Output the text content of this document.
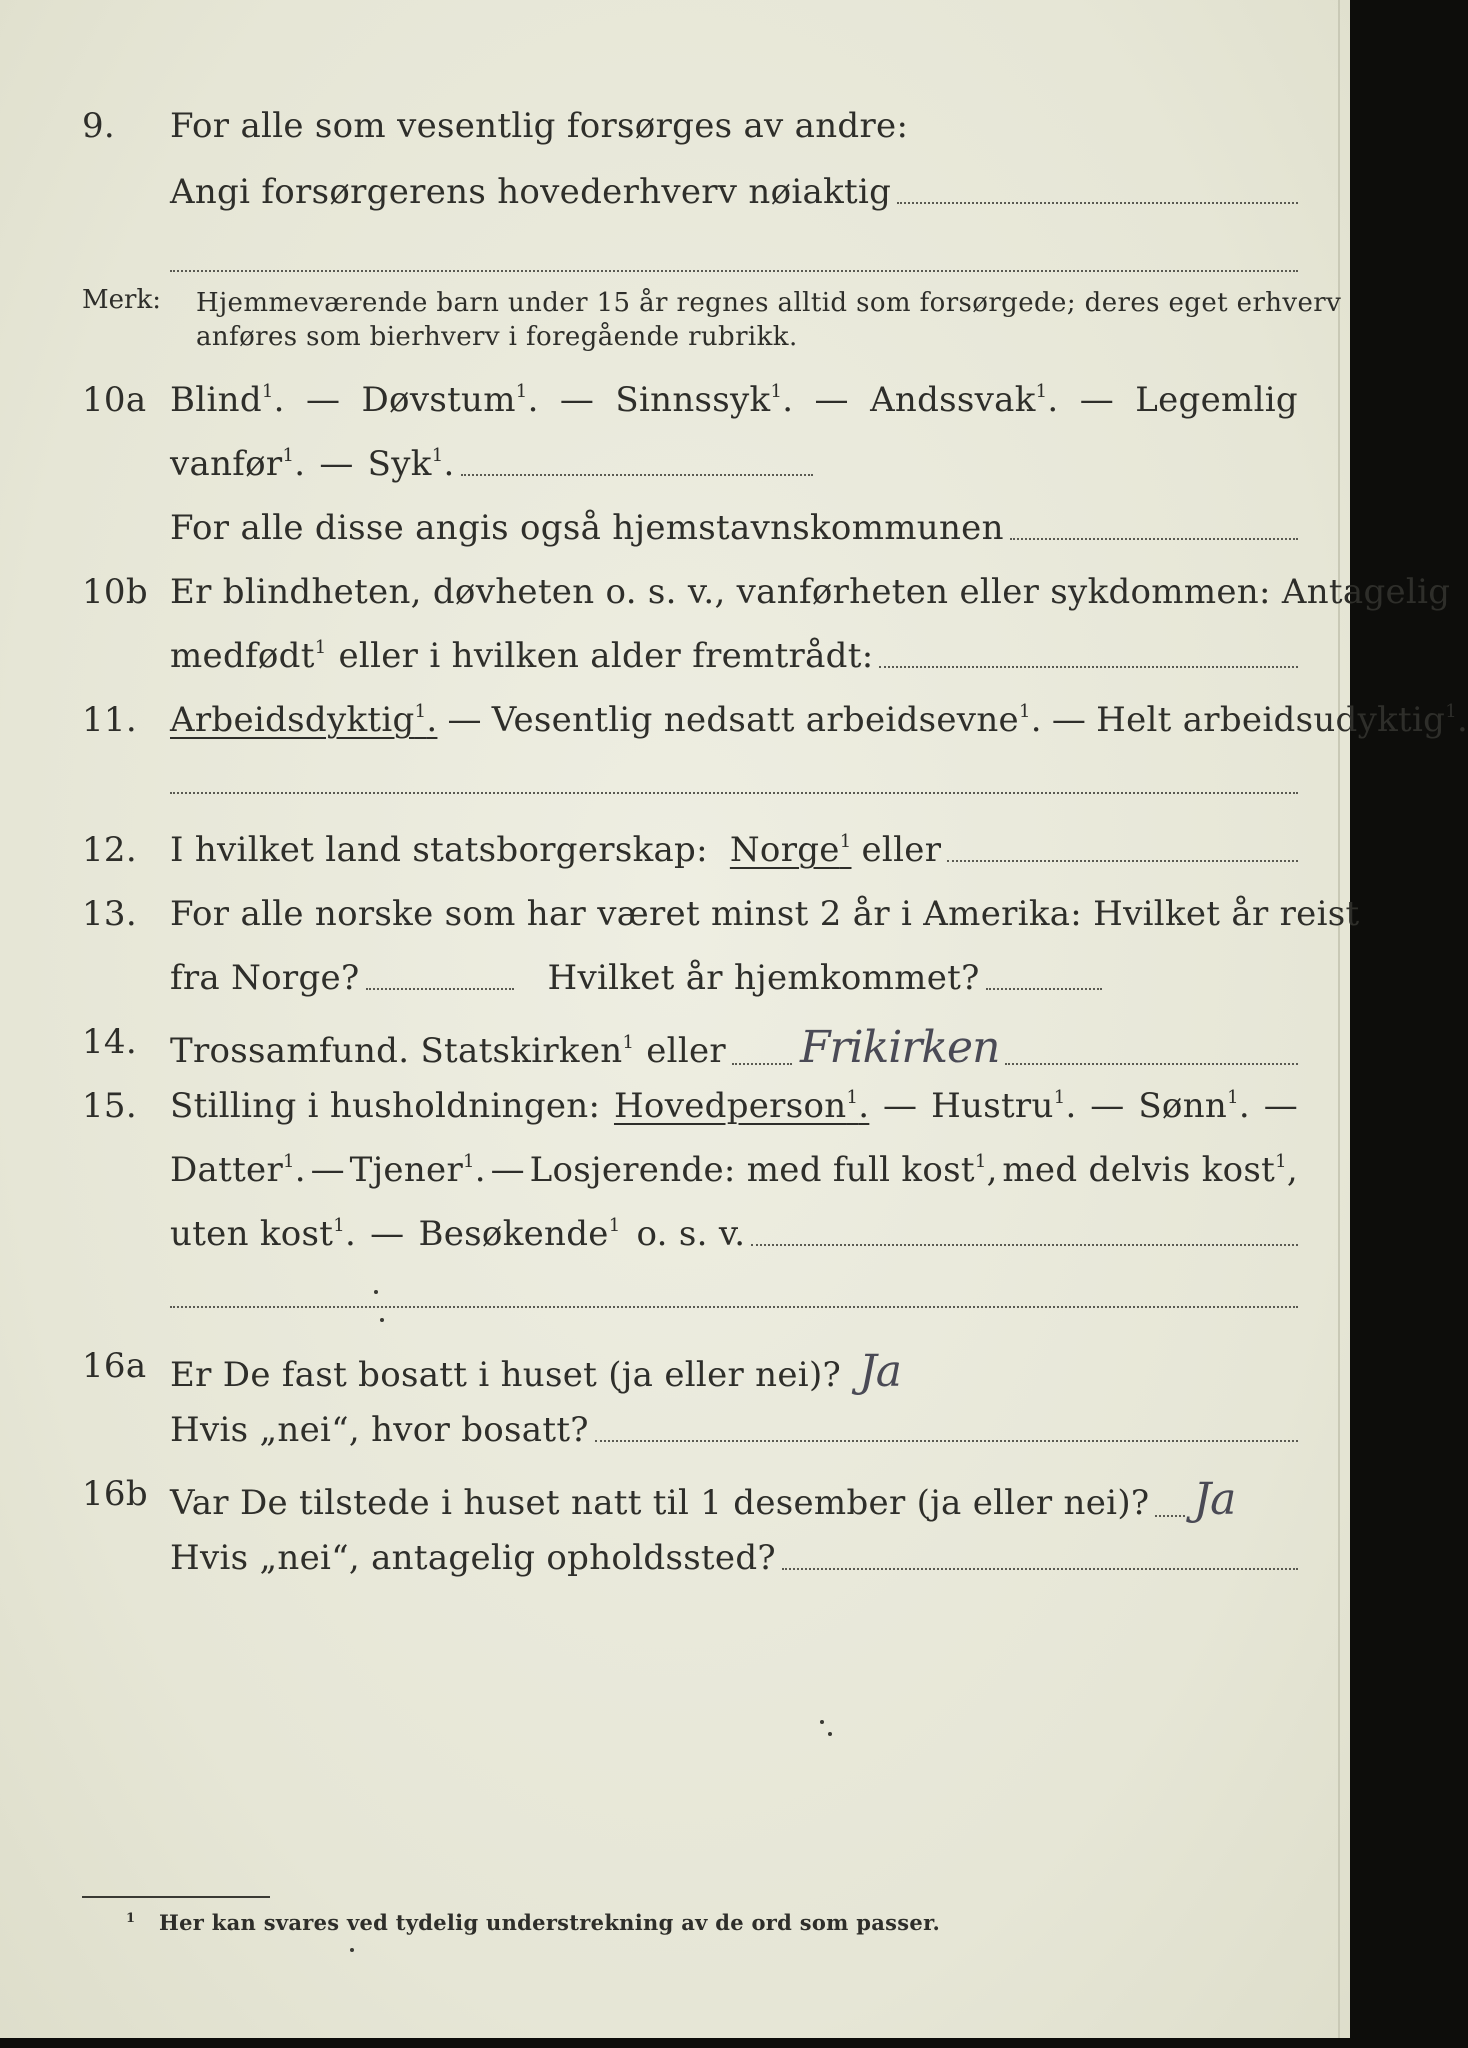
9. For alle som vesentlig forsørges av andre:
Angi forsørgerens hovederhverv nøiaktig
Merk: Hjemmeværende barn under 15 år regnes alltid som forsørgede; deres eget erhverv
anføres som bierhverv i foregående rubrikk.
10a Blind$^1$. — Døvstum$^1$. — Sinnssyk$^1$. — Andssvak$^1$. — Legemlig
vanfør$^1$. — Syk$^1$.
For alle disse angis også hjemstavnskommunen
10b Er blindheten, døvheten o. s. v., vanførheten eller sykdommen: Antagelig
medfødt$^1$ eller i hvilken alder fremtrådt:
11. Arbeidsdyktig$^1$. — Vesentlig nedsatt arbeidsevne$^1$. — Helt arbeidsudyktig$^1$.
12. I hvilket land statsborgerskap: Norge$^1$ eller
13. For alle norske som har været minst 2 år i Amerika: Hvilket år reist
fra Norge?	Hvilket år hjemkommet?
14. Trossamfund. Statskirken$^1$ eller Frikirken
15. Stilling i husholdningen: Hovedperson$^1$. — Hustru$^1$. — Sønn$^1$. —
Datter$^1$. — Tjener$^1$. — Losjerende: med full kost$^1$, med delvis kost$^1$,
uten kost$^1$. — Besøkende$^1$ o. s. v.
16a Er De fast bosatt i huset (ja eller nei)? Ja
Hvis „nei“, hvor bosatt?
16b Var De tilstede i huset natt til 1 desember (ja eller nei)? Ja
Hvis „nei“, antagelig opholdssted?
$^1$ Her kan svares ved tydelig understrekning av de ord som passer.
